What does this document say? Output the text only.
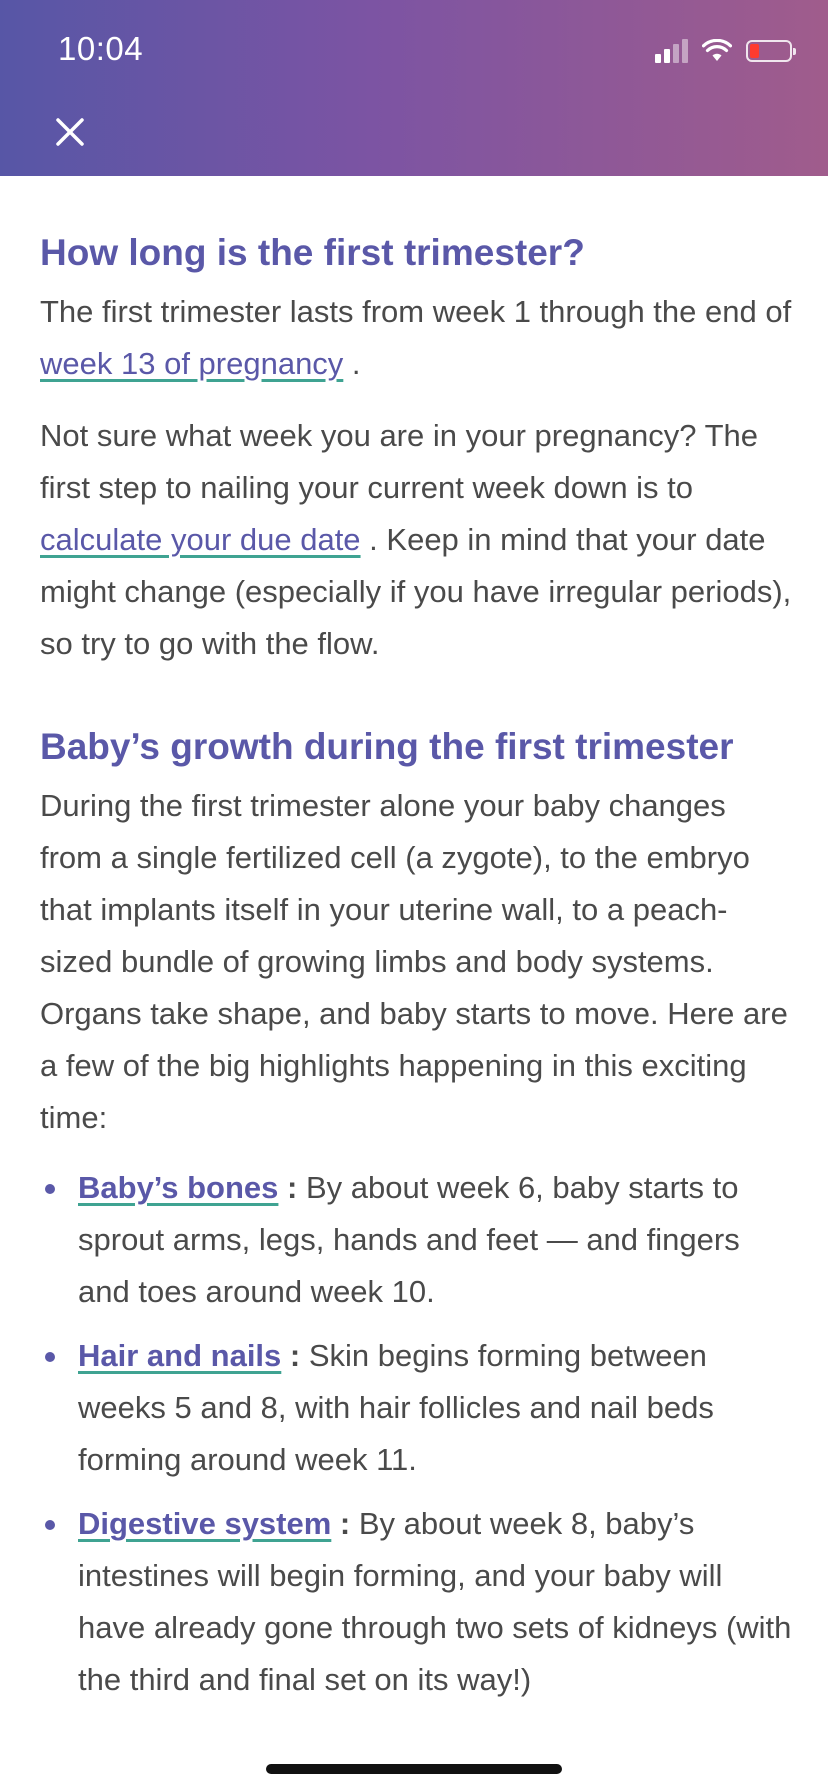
10:04
How long is the first trimester?

The first trimester lasts from week 1 through the end of week 13 of pregnancy .

Not sure what week you are in your pregnancy? The first step to nailing your current week down is to calculate your due date . Keep in mind that your date might change (especially if you have irregular periods), so try to go with the flow.

Baby’s growth during the first trimester

During the first trimester alone your baby changes from a single fertilized cell (a zygote), to the embryo that implants itself in your uterine wall, to a peach-sized bundle of growing limbs and body systems. Organs take shape, and baby starts to move. Here are a few of the big highlights happening in this exciting time:

Baby’s bones : By about week 6, baby starts to sprout arms, legs, hands and feet — and fingers and toes around week 10.
Hair and nails : Skin begins forming between weeks 5 and 8, with hair follicles and nail beds forming around week 11.
Digestive system : By about week 8, baby’s intestines will begin forming, and your baby will have already gone through two sets of kidneys (with the third and final set on its way!)
